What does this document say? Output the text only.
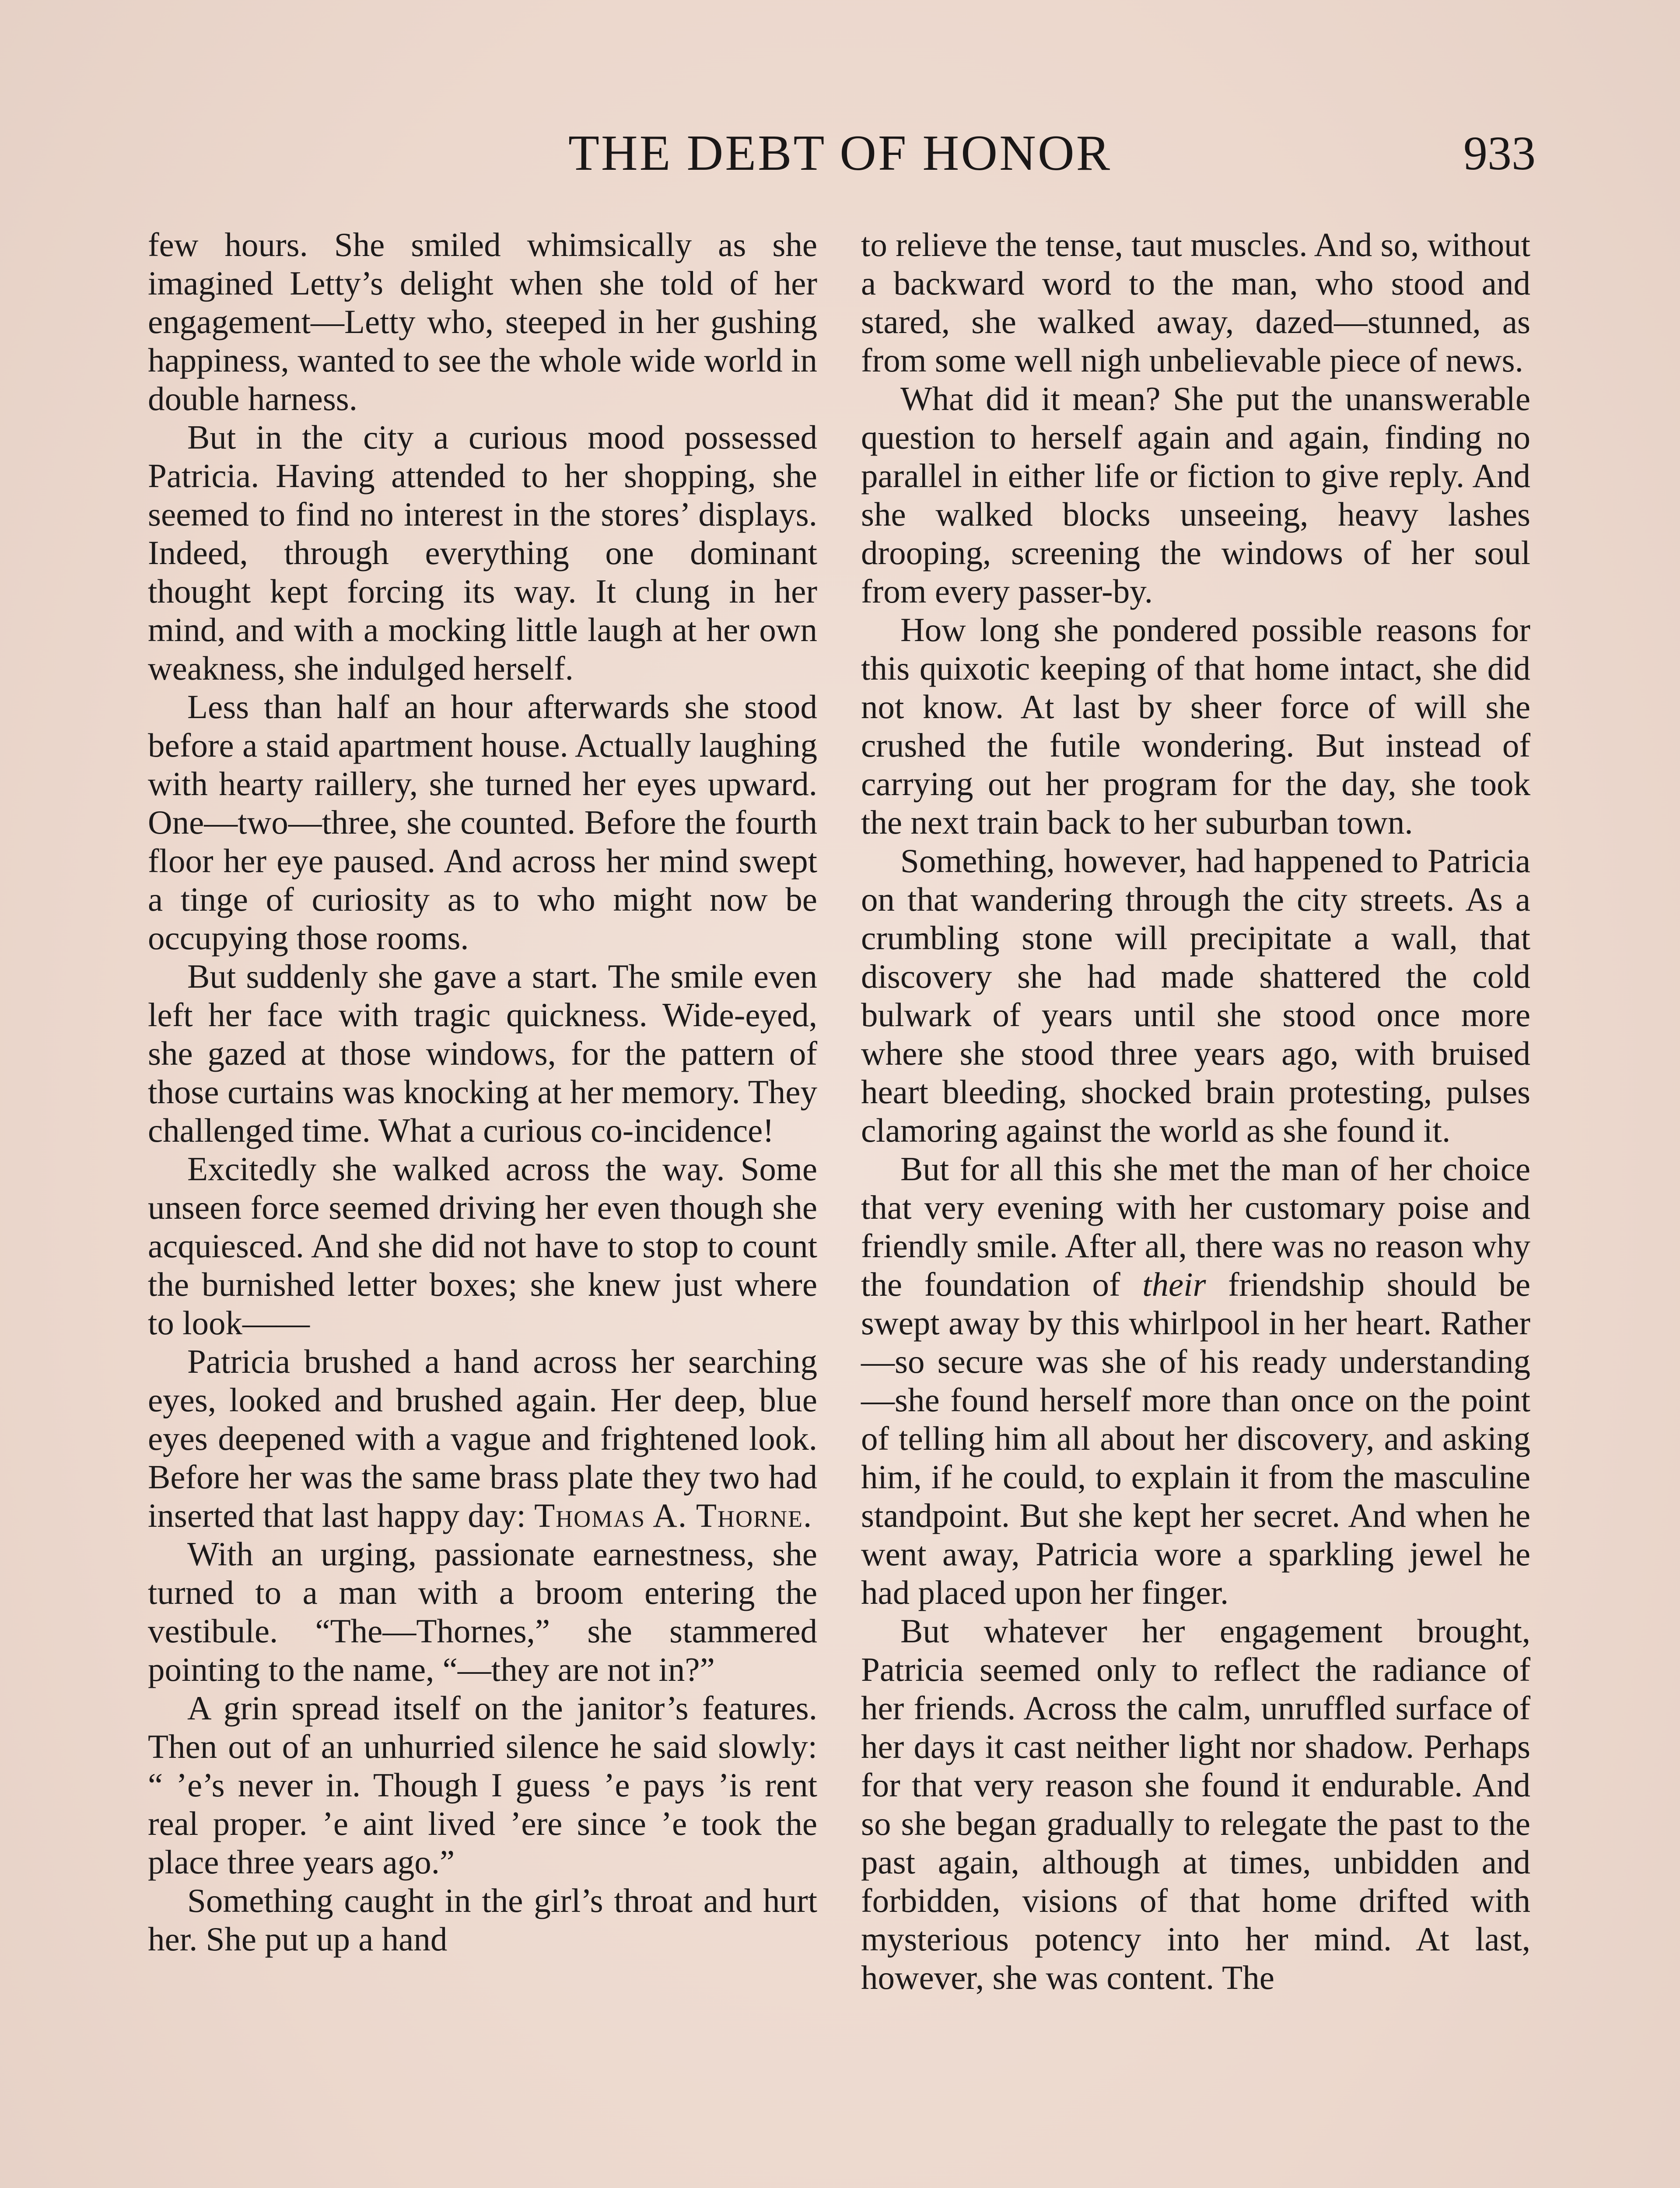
THE DEBT OF HONOR	933

few hours. She smiled whimsically as she imagined Letty’s delight when she told of her engagement—Letty who, steeped in her gushing happiness, wanted to see the whole wide world in double harness.

But in the city a curious mood possessed Patricia. Having attended to her shopping, she seemed to find no interest in the stores’ displays. Indeed, through everything one dominant thought kept forcing its way. It clung in her mind, and with a mocking little laugh at her own weakness, she indulged herself.

Less than half an hour afterwards she stood before a staid apartment house. Actually laughing with hearty raillery, she turned her eyes upward. One—two—three, she counted. Before the fourth floor her eye paused. And across her mind swept a tinge of curiosity as to who might now be occupying those rooms.

But suddenly she gave a start. The smile even left her face with tragic quickness. Wide-eyed, she gazed at those windows, for the pattern of those curtains was knocking at her memory. They challenged time. What a curious co-incidence!

Excitedly she walked across the way. Some unseen force seemed driving her even though she acquiesced. And she did not have to stop to count the burnished letter boxes; she knew just where to look——

Patricia brushed a hand across her searching eyes, looked and brushed again. Her deep, blue eyes deepened with a vague and frightened look. Before her was the same brass plate they two had inserted that last happy day: Thomas A. Thorne.

With an urging, passionate earnestness, she turned to a man with a broom entering the vestibule. “The—Thornes,” she stammered pointing to the name, “—they are not in?”

A grin spread itself on the janitor’s features. Then out of an unhurried silence he said slowly: “ ’e’s never in. Though I guess ’e pays ’is rent real proper. ’e aint lived ’ere since ’e took the place three years ago.”

Something caught in the girl’s throat and hurt her. She put up a hand

to relieve the tense, taut muscles. And so, without a backward word to the man, who stood and stared, she walked away, dazed—stunned, as from some well nigh unbelievable piece of news.

What did it mean? She put the unanswerable question to herself again and again, finding no parallel in either life or fiction to give reply. And she walked blocks unseeing, heavy lashes drooping, screening the windows of her soul from every passer-by.

How long she pondered possible reasons for this quixotic keeping of that home intact, she did not know. At last by sheer force of will she crushed the futile wondering. But instead of carrying out her program for the day, she took the next train back to her suburban town.

Something, however, had happened to Patricia on that wandering through the city streets. As a crumbling stone will precipitate a wall, that discovery she had made shattered the cold bulwark of years until she stood once more where she stood three years ago, with bruised heart bleeding, shocked brain protesting, pulses clamoring against the world as she found it.

But for all this she met the man of her choice that very evening with her customary poise and friendly smile. After all, there was no reason why the foundation of their friendship should be swept away by this whirlpool in her heart. Rather—so secure was she of his ready understanding—she found herself more than once on the point of telling him all about her discovery, and asking him, if he could, to explain it from the masculine standpoint. But she kept her secret. And when he went away, Patricia wore a sparkling jewel he had placed upon her finger.

But whatever her engagement brought, Patricia seemed only to reflect the radiance of her friends. Across the calm, unruffled surface of her days it cast neither light nor shadow. Perhaps for that very reason she found it endurable. And so she began gradually to relegate the past to the past again, although at times, unbidden and forbidden, visions of that home drifted with mysterious potency into her mind. At last, however, she was content. The
